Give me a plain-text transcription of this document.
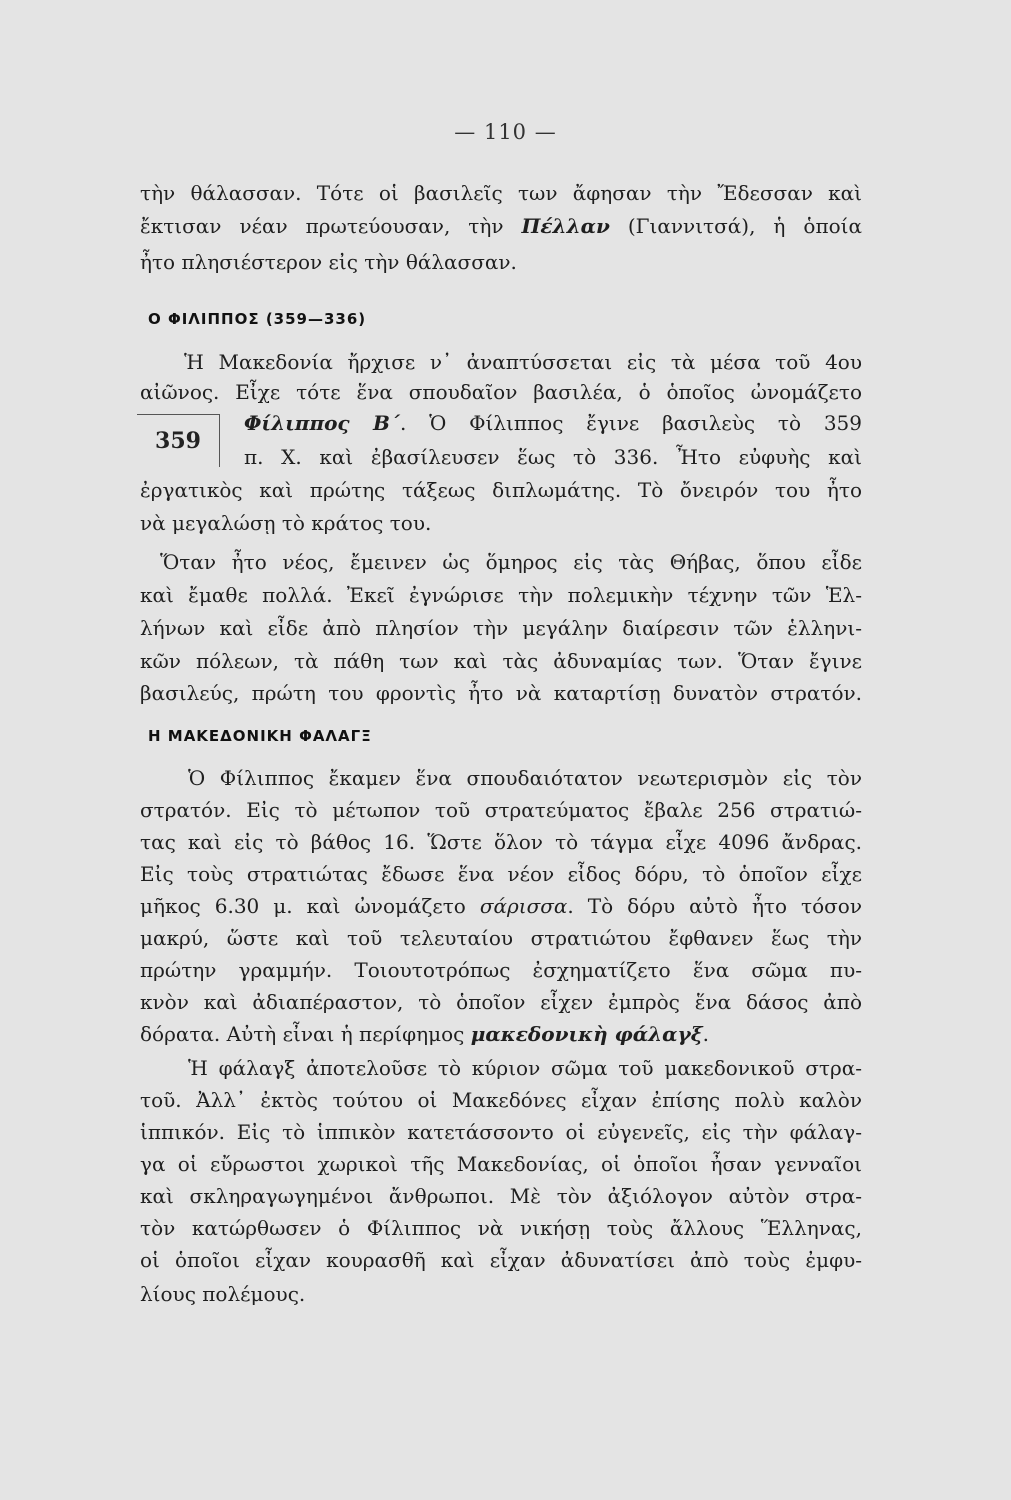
— 110 —
τὴν θάλασσαν. Τότε οἱ βασιλεῖς των ἄφησαν τὴν Ἔδεσσαν καὶ
ἔκτισαν νέαν πρωτεύουσαν, τὴν Πέλλαν (Γιαννιτσά), ἡ ὁποία
ἦτο πλησιέστερον εἰς τὴν θάλασσαν.
Ο ΦΙΛΙΠΠΟΣ (359—336)
Ἡ Μακεδονία ἤρχισε ν᾽ ἀναπτύσσεται εἰς τὰ μέσα τοῦ 4ου
αἰῶνος. Εἶχε τότε ἕνα σπουδαῖον βασιλέα, ὁ ὁποῖος ὠνομάζετο
359
Φίλιππος Β΄. Ὁ Φίλιππος ἔγινε βασιλεὺς τὸ 359
π. Χ. καὶ ἐβασίλευσεν ἕως τὸ 336. Ἦτο εὐφυὴς καὶ
ἐργατικὸς καὶ πρώτης τάξεως διπλωμάτης. Τὸ ὄνειρόν του ἦτο
νὰ μεγαλώσῃ τὸ κράτος του.
Ὅταν ἦτο νέος, ἔμεινεν ὡς ὅμηρος εἰς τὰς Θήβας, ὅπου εἶδε
καὶ ἔμαθε πολλά. Ἐκεῖ ἐγνώρισε τὴν πολεμικὴν τέχνην τῶν Ἑλ-
λήνων καὶ εἶδε ἀπὸ πλησίον τὴν μεγάλην διαίρεσιν τῶν ἑλληνι-
κῶν πόλεων, τὰ πάθη των καὶ τὰς ἀδυναμίας των. Ὅταν ἔγινε
βασιλεύς, πρώτη του φροντὶς ἦτο νὰ καταρτίσῃ δυνατὸν στρατόν.
Η ΜΑΚΕΔΟΝΙΚΗ ΦΑΛΑΓΞ
Ὁ Φίλιππος ἔκαμεν ἕνα σπουδαιότατον νεωτερισμὸν εἰς τὸν
στρατόν. Εἰς τὸ μέτωπον τοῦ στρατεύματος ἔβαλε 256 στρατιώ-
τας καὶ εἰς τὸ βάθος 16. Ὥστε ὅλον τὸ τάγμα εἶχε 4096 ἄνδρας.
Εἰς τοὺς στρατιώτας ἔδωσε ἕνα νέον εἶδος δόρυ, τὸ ὁποῖον εἶχε
μῆκος 6.30 μ. καὶ ὠνομάζετο σάρισσα. Τὸ δόρυ αὐτὸ ἦτο τόσον
μακρύ, ὥστε καὶ τοῦ τελευταίου στρατιώτου ἔφθανεν ἕως τὴν
πρώτην γραμμήν. Τοιουτοτρόπως ἐσχηματίζετο ἕνα σῶμα πυ-
κνὸν καὶ ἀδιαπέραστον, τὸ ὁποῖον εἶχεν ἐμπρὸς ἕνα δάσος ἀπὸ
δόρατα. Αὐτὴ εἶναι ἡ περίφημος μακεδονικὴ φάλαγξ.
Ἡ φάλαγξ ἀποτελοῦσε τὸ κύριον σῶμα τοῦ μακεδονικοῦ στρα-
τοῦ. Ἀλλ᾽ ἐκτὸς τούτου οἱ Μακεδόνες εἶχαν ἐπίσης πολὺ καλὸν
ἱππικόν. Εἰς τὸ ἱππικὸν κατετάσσοντο οἱ εὐγενεῖς, εἰς τὴν φάλαγ-
γα οἱ εὔρωστοι χωρικοὶ τῆς Μακεδονίας, οἱ ὁποῖοι ἦσαν γενναῖοι
καὶ σκληραγωγημένοι ἄνθρωποι. Μὲ τὸν ἀξιόλογον αὐτὸν στρα-
τὸν κατώρθωσεν ὁ Φίλιππος νὰ νικήσῃ τοὺς ἄλλους Ἕλληνας,
οἱ ὁποῖοι εἶχαν κουρασθῆ καὶ εἶχαν ἀδυνατίσει ἀπὸ τοὺς ἐμφυ-
λίους πολέμους.
